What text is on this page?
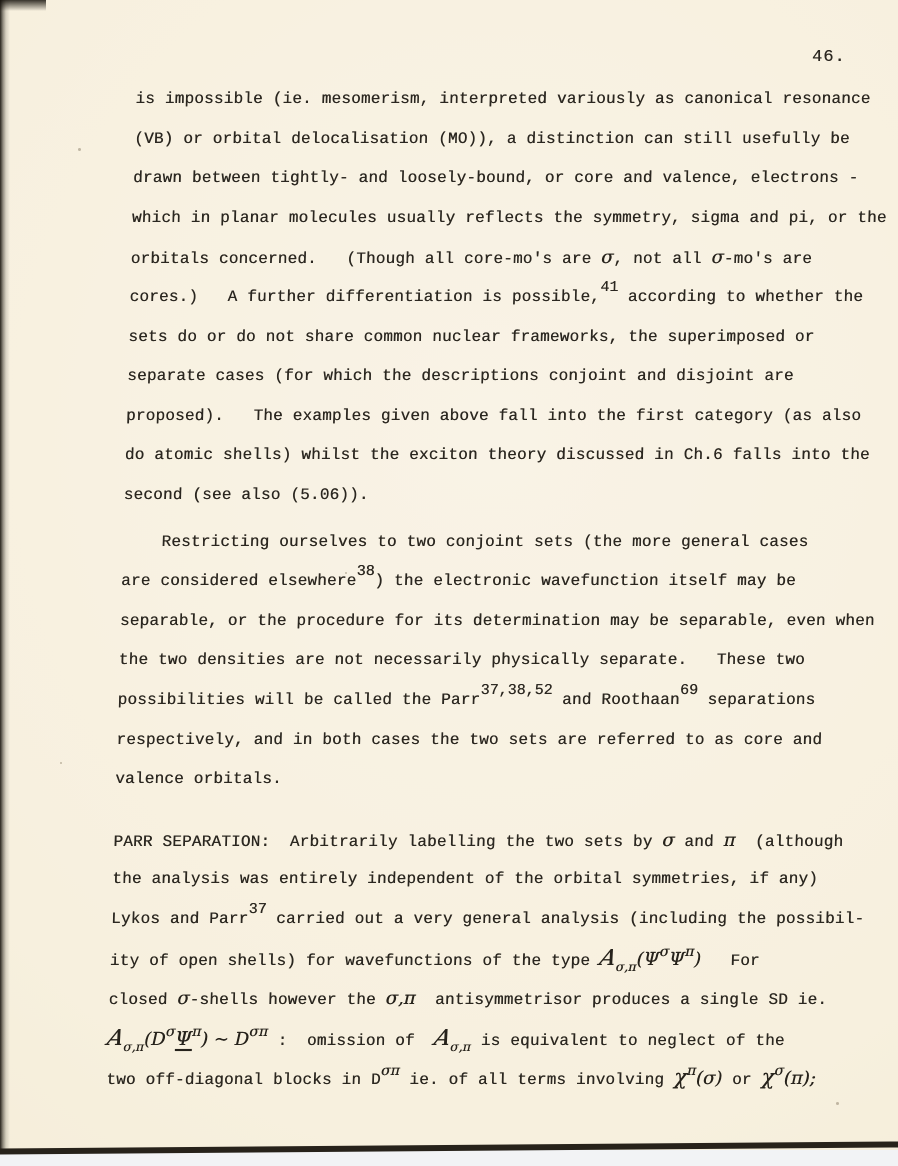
46.
is impossible (ie. mesomerism, interpreted variously as canonical resonance
(VB) or orbital delocalisation (MO)), a distinction can still usefully be
drawn between tightly- and loosely-bound, or core and valence, electrons -
which in planar molecules usually reflects the symmetry, sigma and pi, or the
orbitals concerned.   (Though all core-mo's are σ, not all σ-mo's are
cores.)   A further differentiation is possible,41 according to whether the
sets do or do not share common nuclear frameworks, the superimposed or
separate cases (for which the descriptions conjoint and disjoint are
proposed).   The examples given above fall into the first category (as also
do atomic shells) whilst the exciton theory discussed in Ch.6 falls into the
second (see also (5.06)).
Restricting ourselves to two conjoint sets (the more general cases
are considered elsewhere38) the electronic wavefunction itself may be
separable, or the procedure for its determination may be separable, even when
the two densities are not necessarily physically separate.   These two
possibilities will be called the Parr37,38,52 and Roothaan69 separations
respectively, and in both cases the two sets are referred to as core and
valence orbitals.
PARR SEPARATION:  Arbitrarily labelling the two sets by σ and π  (although
the analysis was entirely independent of the orbital symmetries, if any)
Lykos and Parr37 carried out a very general analysis (including the possibil-
ity of open shells) for wavefunctions of the type $A_{\sigma,\pi}(\Psi\sigma\Psi\pi)$   For
closed σ-shells however the σ,π  antisymmetrisor produces a single SD ie.
$A_{\sigma,\pi}(D\sigma\Psi\pi)$ ~ Dσπ :  omission of  $A_{\sigma,\pi}$ is equivalent to neglect of the
two off-diagonal blocks in Dσπ ie. of all terms involving χπ(σ) or χσ(π);
